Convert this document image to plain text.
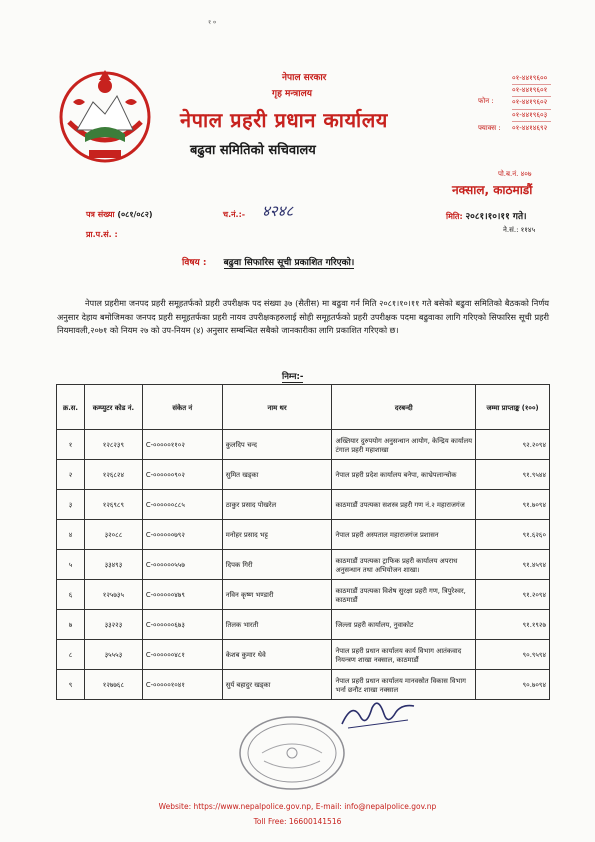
१ ०
नेपाल सरकार
गृह मन्त्रालय
नेपाल प्रहरी प्रधान कार्यालय
बढुवा समितिको सचिवालय
फोन :
०१-४४१९६००
०१-४४१९६०१
०१-४४१९६०२
०१-४४१९६०३
फ्याक्स : ०१-४४१४६९२
पो.ब.नं. ४०७
नक्साल, काठमाडौं
पत्र संख्या (०८१/०८२)	च.नं.:- ४२४८	मिति: २०८१।१०।११ गते।
ने.सं.: ११४५
प्रा.प.सं. :
विषय : बढुवा सिफारिस सूची प्रकाशित गरिएको।
नेपाल प्रहरीमा जनपद प्रहरी समूहतर्फको प्रहरी उपरीक्षक पद संख्या ३७ (सैतीस) मा बढुवा गर्न मिति २०८१।१०।११ गते बसेको बढुवा समितिको बैठकको निर्णय अनुसार देहाय बमोजिमका जनपद प्रहरी समूहतर्फका प्रहरी नायव उपरीक्षकहरुलाई सोही समूहतर्फको प्रहरी उपरीक्षक पदमा बढुवाका लागि गरिएको सिफारिस सूची प्रहरी नियमावली,२०७१ को नियम २७ को उप-नियम (४) अनुसार सम्बन्धित सबैको जानकारीका लागि प्रकाशित गरिएको छ।
निम्न:-
क्र.स.	कम्प्युटर कोड नं.	संकेत नं	नाम थर	दरबन्दी	जम्मा प्राप्ताङ्क (१००)
१	१२८२३९	C-०००००११०२	कुलदिप चन्द	अख्तियार दुरुपयोग अनुसन्धान आयोग, केन्द्रिय कार्यालय टंगाल प्रहरी महाशाखा	९२.२०९४
२	१२६८२४	C-००००००९०२	सुमित खड्का	नेपाल प्रहरी प्रदेश कार्यालय बनेपा, काभ्रेपलान्चोक	९१.९५४४
३	१२६९८९	C-००००००८८५	ठाकुर प्रसाद पोखरेल	काठमाडौं उपत्यका सशस्त्र प्रहरी गण नं.२ महाराजगंज	९१.७०९४
४	३२०८८	C-००००००७९२	मनोहर प्रसाद भट्ट	नेपाल प्रहरी अस्पताल महाराजगंज प्रशासन	९१.६२६०
५	३३४९३	C-००००००५५७	दिपक गिरी	काठमाडौं उपत्यका ट्राफिक प्रहरी कार्यालय अपराध अनुसन्धान तथा अभियोजन शाखा।	९१.४५९४
६	१२५७३५	C-००००००४७९	नविन कृष्ण भण्डारी	काठमाडौं उपत्यका विशेष सुरक्षा प्रहरी गण, त्रिपुरेश्वर, काठमाडौं	९१.२०९४
७	३३२२३	C-००००००६७३	तिलक भारती	जिल्ला प्रहरी कार्यालय, नुवाकोट	९१.१९२७
८	३५५५३	C-००००००४८१	केशब कुमार थेवे	नेपाल प्रहरी प्रधान कार्यालय कार्य विभाग आतंकवाद नियन्त्रण शाखा नक्साल, काठमाडौं	९०.९५९४
९	१२७७६८	C-०००००१०४१	सुर्य बहादुर खड्का	नेपाल प्रहरी प्रधान कार्यालय मानवस्रोत विकास विभाग भर्ना छनौट शाखा नक्साल	९०.७०९४
Website: https://www.nepalpolice.gov.np, E-mail: info@nepalpolice.gov.np
Toll Free: 16600141516
